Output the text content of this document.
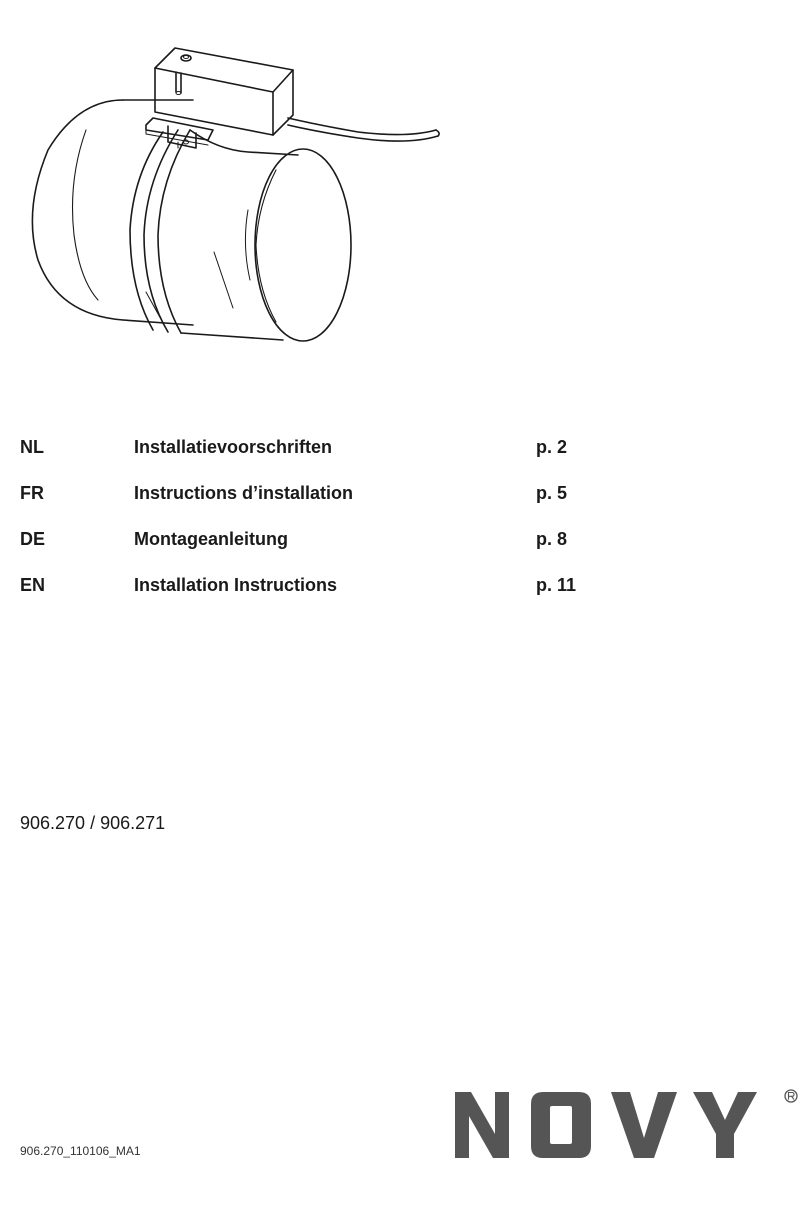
NL	Installatievoorschriften	p. 2
FR	Instructions d’installation	p. 5
DE	Montageanleitung	p. 8
EN	Installation Instructions	p. 11
906.270 / 906.271
906.270_110106_MA1
